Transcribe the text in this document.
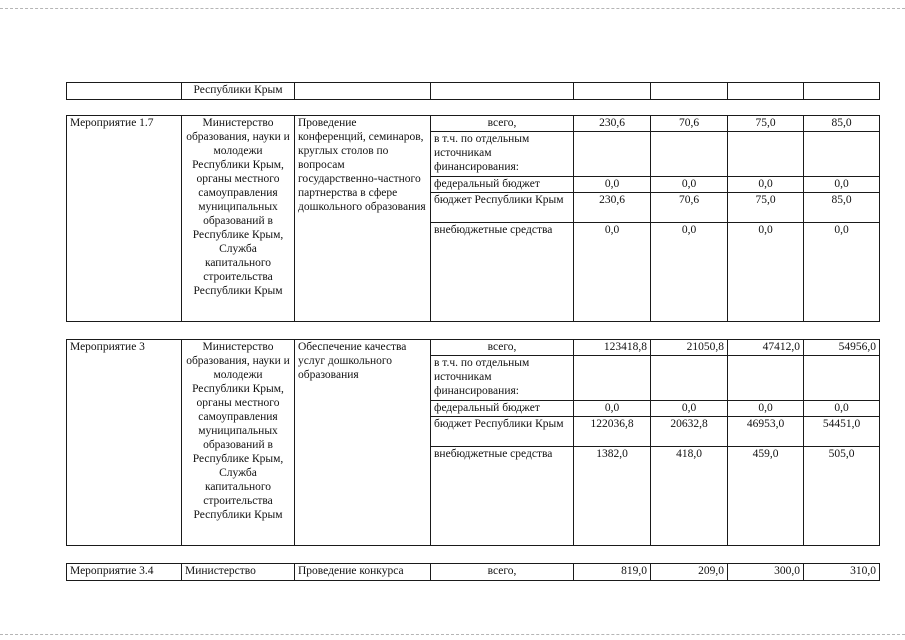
	Республики Крым						
Мероприятие 1.7	Министерство образования, науки и молодежи Республики Крым, органы местного самоуправления муниципальных образований в Республике Крым, Служба капитального строительства Республики Крым	Проведение конференций, семинаров, круглых столов по вопросам государственно-частного партнерства в сфере дошкольного образования	всего,	230,6	70,6	75,0	85,0
			в т.ч. по отдельным источникам финансирования:				
			федеральный бюджет	0,0	0,0	0,0	0,0
			бюджет Республики Крым	230,6	70,6	75,0	85,0
			внебюджетные средства	0,0	0,0	0,0	0,0
Мероприятие 3	Министерство образования, науки и молодежи Республики Крым, органы местного самоуправления муниципальных образований в Республике Крым, Служба капитального строительства Республики Крым	Обеспечение качества услуг дошкольного образования	всего,	123418,8	21050,8	47412,0	54956,0
			в т.ч. по отдельным источникам финансирования:				
			федеральный бюджет	0,0	0,0	0,0	0,0
			бюджет Республики Крым	122036,8	20632,8	46953,0	54451,0
			внебюджетные средства	1382,0	418,0	459,0	505,0
Мероприятие 3.4	Министерство	Проведение конкурса	всего,	819,0	209,0	300,0	310,0
